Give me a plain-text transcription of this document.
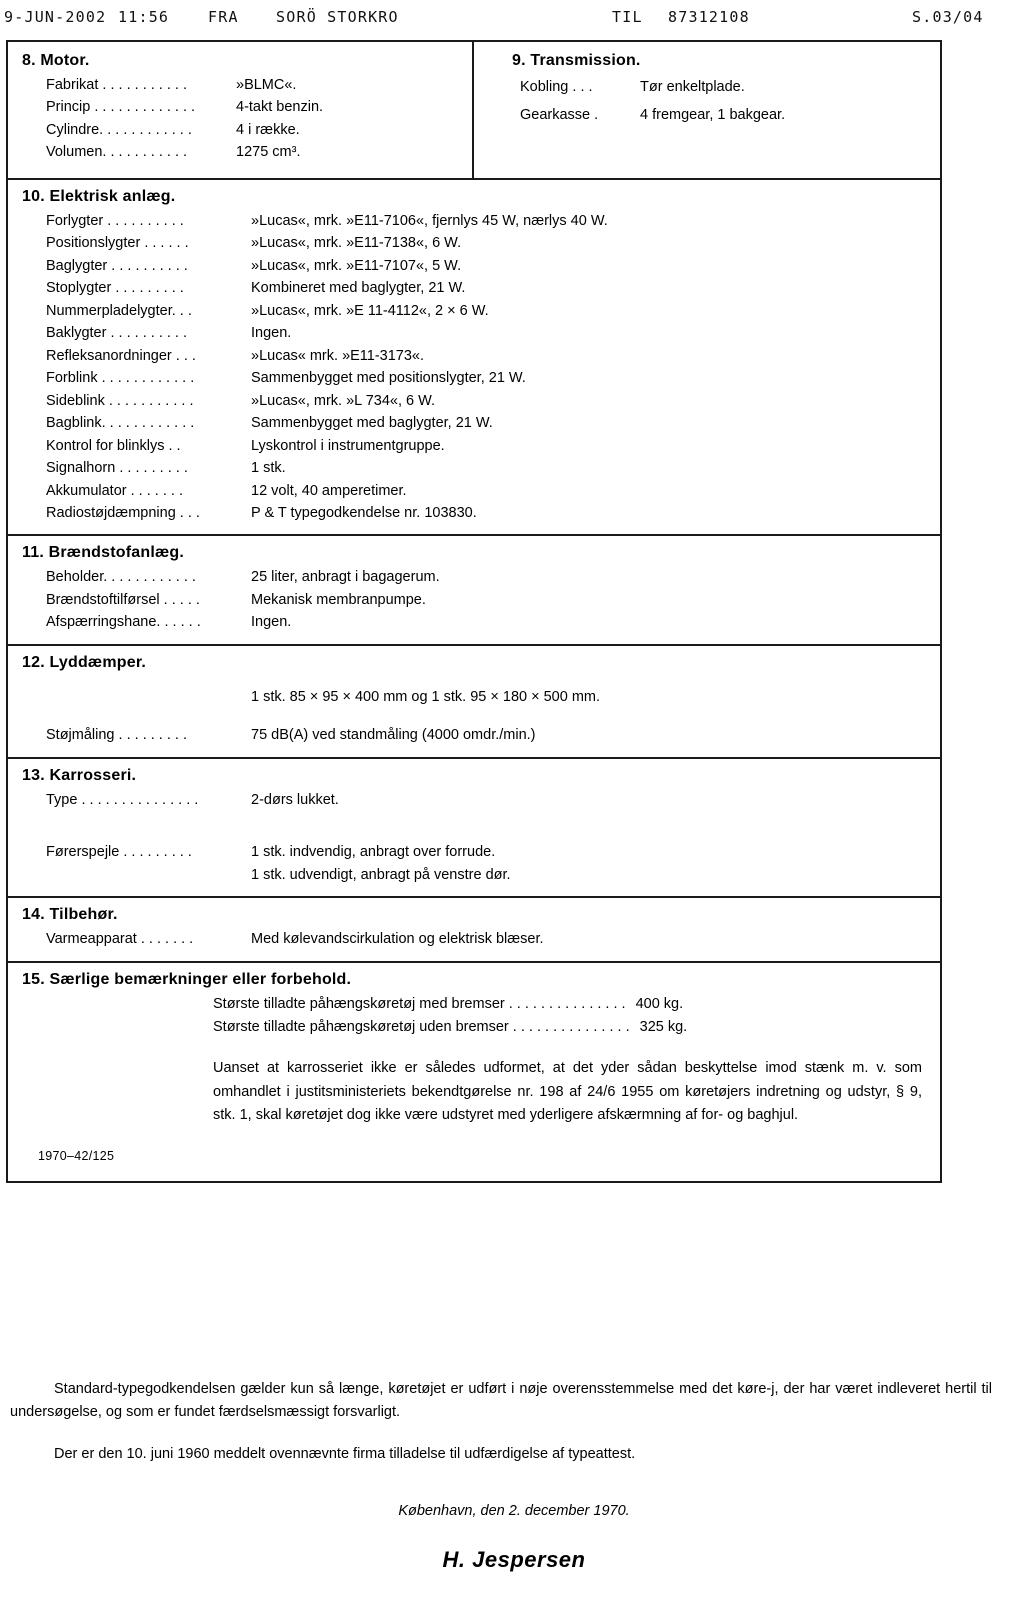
9-JUN-2002 11:56	FRA SORÖ STORKRO	TIL 87312108	S.03/04
8. Motor.
Fabrikat . . . . . . . . . . .	»BLMC«.
Princip . . . . . . . . . . . . .	4-takt benzin.
Cylindre. . . . . . . . . . . .	4 i række.
Volumen. . . . . . . . . . .	1275 cm³.
9. Transmission.
Kobling . . .	Tør enkeltplade.
Gearkasse .	4 fremgear, 1 bakgear.
10. Elektrisk anlæg.
Forlygter . . . . . . . . . .	»Lucas«, mrk. »E11-7106«, fjernlys 45 W, nærlys 40 W.
Positionslygter . . . . . .	»Lucas«, mrk. »E11-7138«, 6 W.
Baglygter . . . . . . . . . .	»Lucas«, mrk. »E11-7107«, 5 W.
Stoplygter . . . . . . . . .	Kombineret med baglygter, 21 W.
Nummerpladelygter. . .	»Lucas«, mrk. »E 11-4112«, 2 × 6 W.
Baklygter . . . . . . . . . .	Ingen.
Refleksanordninger . . .	»Lucas« mrk. »E11-3173«.
Forblink . . . . . . . . . . . .	Sammenbygget med positionslygter, 21 W.
Sideblink . . . . . . . . . . .	»Lucas«, mrk. »L 734«, 6 W.
Bagblink. . . . . . . . . . . .	Sammenbygget med baglygter, 21 W.
Kontrol for blinklys . .	Lyskontrol i instrumentgruppe.
Signalhorn . . . . . . . . .	1 stk.
Akkumulator . . . . . . .	12 volt, 40 amperetimer.
Radiostøjdæmpning . . .	P & T typegodkendelse nr. 103830.
11. Brændstofanlæg.
Beholder. . . . . . . . . . . .	25 liter, anbragt i bagagerum.
Brændstoftilførsel . . . . .	Mekanisk membranpumpe.
Afspærringshane. . . . . .	Ingen.
12. Lyddæmper.
1 stk. 85 × 95 × 400 mm og 1 stk. 95 × 180 × 500 mm.
Støjmåling . . . . . . . . .	75 dB(A) ved standmåling (4000 omdr./min.)
13. Karrosseri.
Type . . . . . . . . . . . . . . .	2-dørs lukket.
Førerspejle . . . . . . . . .	1 stk. indvendig, anbragt over forrude.
1 stk. udvendigt, anbragt på venstre dør.
14. Tilbehør.
Varmeapparat . . . . . . .	Med kølevandscirkulation og elektrisk blæser.
15. Særlige bemærkninger eller forbehold.
Største tilladte påhængskøretøj med bremser . . . . . . . . . . . . . . . 400 kg.
Største tilladte påhængskøretøj uden bremser . . . . . . . . . . . . . . . 325 kg.
Uanset at karrosseriet ikke er således udformet, at det yder sådan beskyttelse imod stænk m. v. som omhandlet i justitsministeriets bekendtgørelse nr. 198 af 24/6 1955 om køretøjers indretning og udstyr, § 9, stk. 1, skal køretøjet dog ikke være udstyret med yderligere afskærmning af for- og baghjul.
1970–42/125

Standard-typegodkendelsen gælder kun så længe, køretøjet er udført i nøje overensstemmelse med det køre-j, der har været indleveret hertil til undersøgelse, og som er fundet færdselsmæssigt forsvarligt.

Der er den 10. juni 1960 meddelt ovennævnte firma tilladelse til udfærdigelse af typeattest.

København, den 2. december 1970.

H. Jespersen
